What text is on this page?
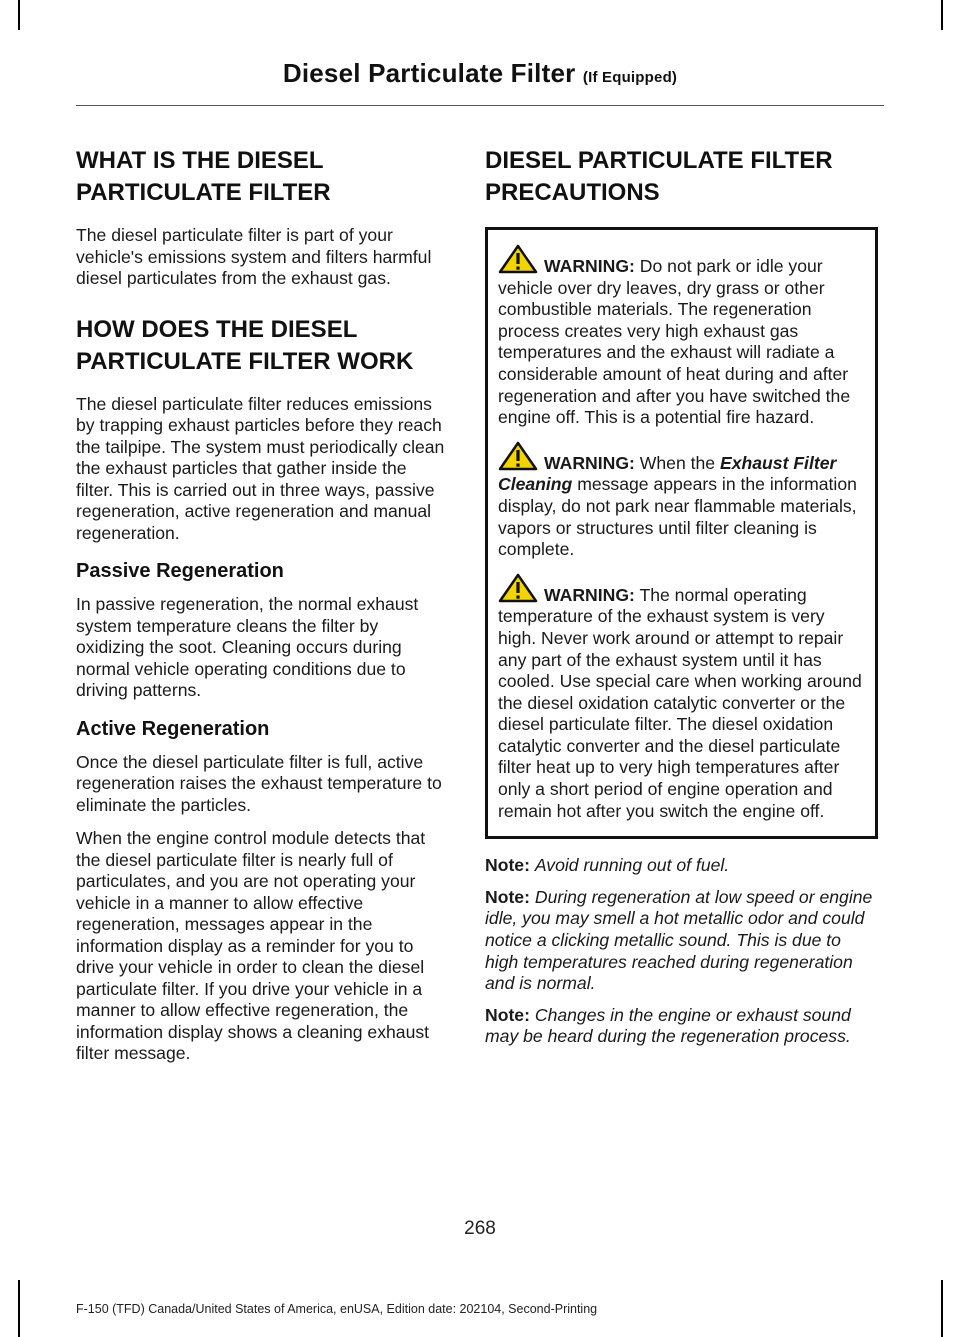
Diesel Particulate Filter (If Equipped)
WHAT IS THE DIESEL
PARTICULATE FILTER

The diesel particulate filter is part of your vehicle's emissions system and filters harmful diesel particulates from the exhaust gas.

HOW DOES THE DIESEL
PARTICULATE FILTER WORK

The diesel particulate filter reduces emissions by trapping exhaust particles before they reach the tailpipe. The system must periodically clean the exhaust particles that gather inside the filter. This is carried out in three ways, passive regeneration, active regeneration and manual regeneration.

Passive Regeneration

In passive regeneration, the normal exhaust system temperature cleans the filter by oxidizing the soot. Cleaning occurs during normal vehicle operating conditions due to driving patterns.

Active Regeneration

Once the diesel particulate filter is full, active regeneration raises the exhaust temperature to eliminate the particles.

When the engine control module detects that the diesel particulate filter is nearly full of particulates, and you are not operating your vehicle in a manner to allow effective regeneration, messages appear in the information display as a reminder for you to drive your vehicle in order to clean the diesel particulate filter. If you drive your vehicle in a manner to allow effective regeneration, the information display shows a cleaning exhaust filter message.

DIESEL PARTICULATE FILTER
PRECAUTIONS

WARNING: Do not park or idle your vehicle over dry leaves, dry grass or other combustible materials. The regeneration process creates very high exhaust gas temperatures and the exhaust will radiate a considerable amount of heat during and after regeneration and after you have switched the engine off. This is a potential fire hazard.

WARNING: When the Exhaust Filter Cleaning message appears in the information display, do not park near flammable materials, vapors or structures until filter cleaning is complete.

WARNING: The normal operating temperature of the exhaust system is very high. Never work around or attempt to repair any part of the exhaust system until it has cooled. Use special care when working around the diesel oxidation catalytic converter or the diesel particulate filter. The diesel oxidation catalytic converter and the diesel particulate filter heat up to very high temperatures after only a short period of engine operation and remain hot after you switch the engine off.

Note: Avoid running out of fuel.

Note: During regeneration at low speed or engine idle, you may smell a hot metallic odor and could notice a clicking metallic sound. This is due to high temperatures reached during regeneration and is normal.

Note: Changes in the engine or exhaust sound may be heard during the regeneration process.

268
F-150 (TFD) Canada/United States of America, enUSA, Edition date: 202104, Second-Printing
